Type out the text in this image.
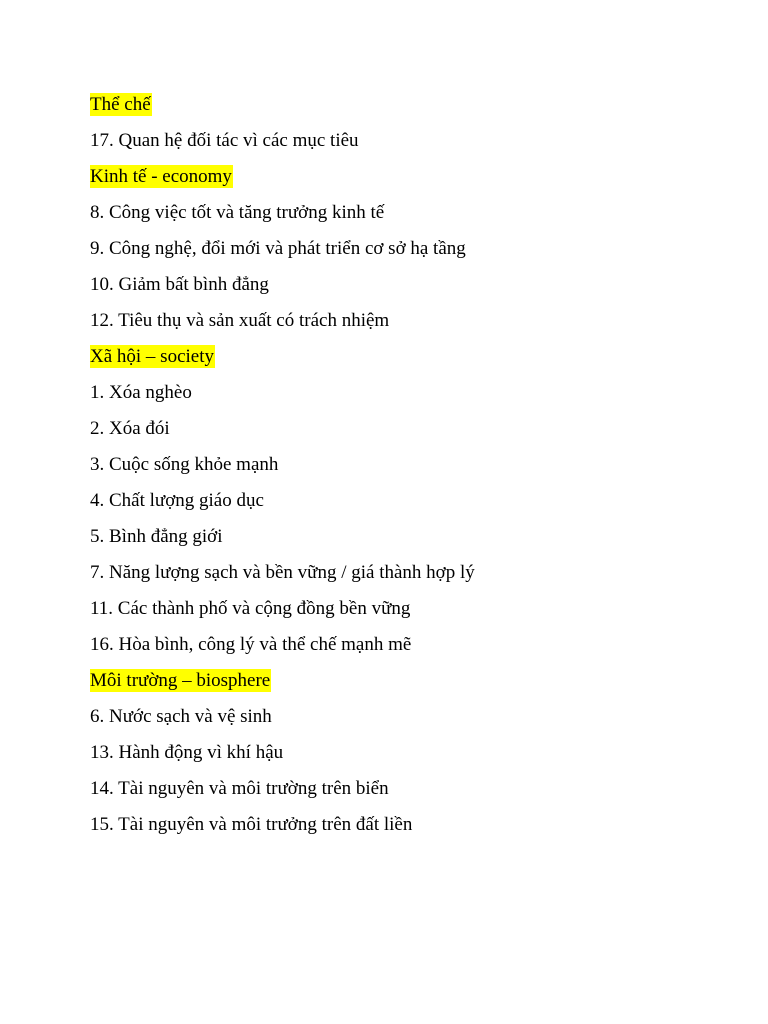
Thể chế
17. Quan hệ đối tác vì các mục tiêu
Kinh tế - economy
8. Công việc tốt và tăng trưởng kinh tế
9. Công nghệ, đổi mới và phát triển cơ sở hạ tầng
10. Giảm bất bình đẳng
12. Tiêu thụ và sản xuất có trách nhiệm
Xã hội – society
1. Xóa nghèo
2. Xóa đói
3. Cuộc sống khỏe mạnh
4. Chất lượng giáo dục
5. Bình đẳng giới
7. Năng lượng sạch và bền vững / giá thành hợp lý
11. Các thành phố và cộng đồng bền vững
16. Hòa bình, công lý và thể chế mạnh mẽ
Môi trường – biosphere
6. Nước sạch và vệ sinh
13. Hành động vì khí hậu
14. Tài nguyên và môi trường trên biển
15. Tài nguyên và môi trưởng trên đất liền
